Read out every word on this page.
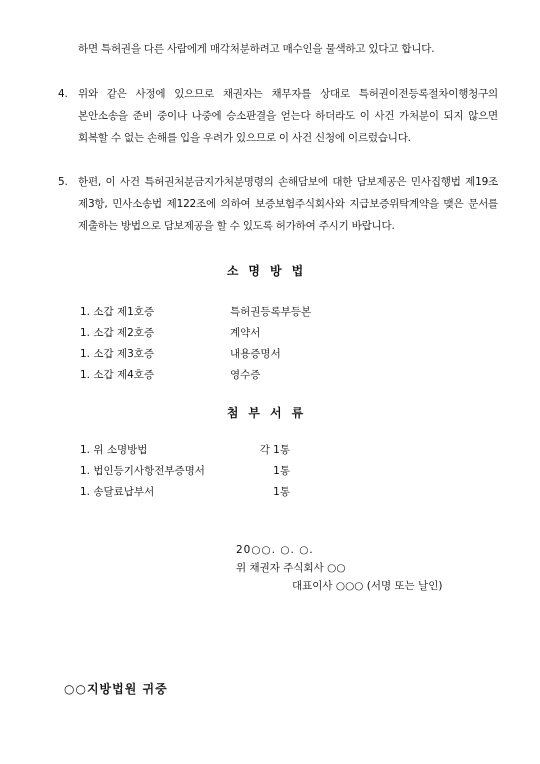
하면 특허권을 다른 사람에게 매각처분하려고 매수인을 물색하고 있다고 합니다.
4. 위와 같은 사정에 있으므로 채권자는 채무자를 상대로 특허권이전등록절차이행청구의 본안소송을 준비 중이나 나중에 승소판결을 얻는다 하더라도 이 사건 가처분이 되지 않으면 회복할 수 없는 손해를 입을 우려가 있으므로 이 사건 신청에 이르렀습니다.
5. 한편, 이 사건 특허권처분금지가처분명령의 손해담보에 대한 담보제공은 민사집행법 제19조 제3항, 민사소송법 제122조에 의하여 보증보험주식회사와 지급보증위탁계약을 맺은 문서를 제출하는 방법으로 담보제공을 할 수 있도록 허가하여 주시기 바랍니다.
소명방법
1. 소갑 제1호증	특허권등록부등본
1. 소갑 제2호증	계약서
1. 소갑 제3호증	내용증명서
1. 소갑 제4호증	영수증
첨부서류
1. 위 소명방법	각 1통
1. 법인등기사항전부증명서	1통
1. 송달료납부서	1통
20○○. ○. ○.
위 채권자 주식회사 ○○
대표이사 ○○○ (서명 또는 날인)
○○지방법원 귀중
